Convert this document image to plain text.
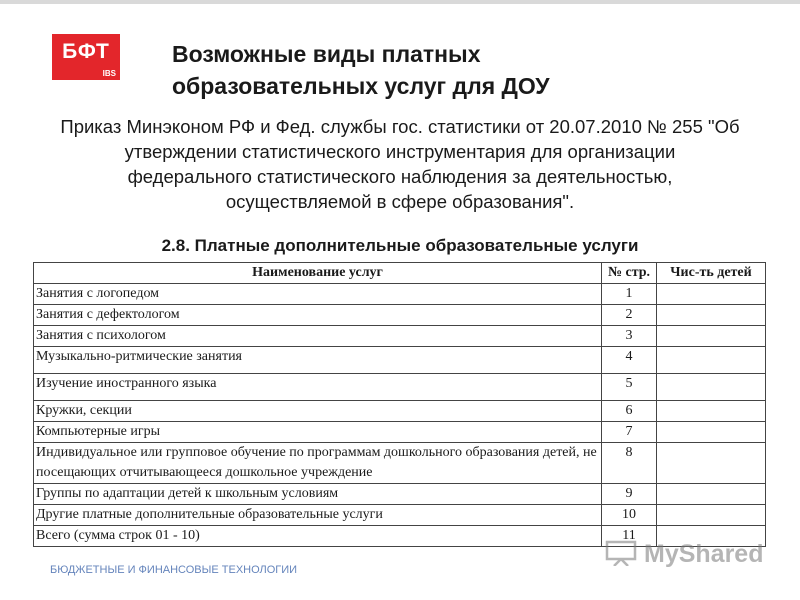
БФТ
IBS
Возможные виды платных
образовательных услуг для ДОУ
Приказ Минэконом РФ и Фед. службы гос. статистики от 20.07.2010 № 255 "Об
утверждении статистического инструментария для организации
федерального статистического наблюдения за деятельностью,
осуществляемой в сфере образования".
2.8. Платные дополнительные образовательные услуги
Наименование услуг	№ стр.	Чис-ть детей
Занятия с логопедом	1	
Занятия с дефектологом	2	
Занятия с психологом	3	
Музыкально-ритмические занятия	4	
Изучение иностранного языка	5	
Кружки, секции	6	
Компьютерные игры	7	
Индивидуальное или групповое обучение по программам дошкольного образования детей, не посещающих отчитывающееся дошкольное учреждение	8	
Группы по адаптации детей к школьным условиям	9	
Другие платные дополнительные образовательные услуги	10	
Всего (сумма строк 01 - 10)	11	
БЮДЖЕТНЫЕ И ФИНАНСОВЫЕ ТЕХНОЛОГИИ
MyShared
